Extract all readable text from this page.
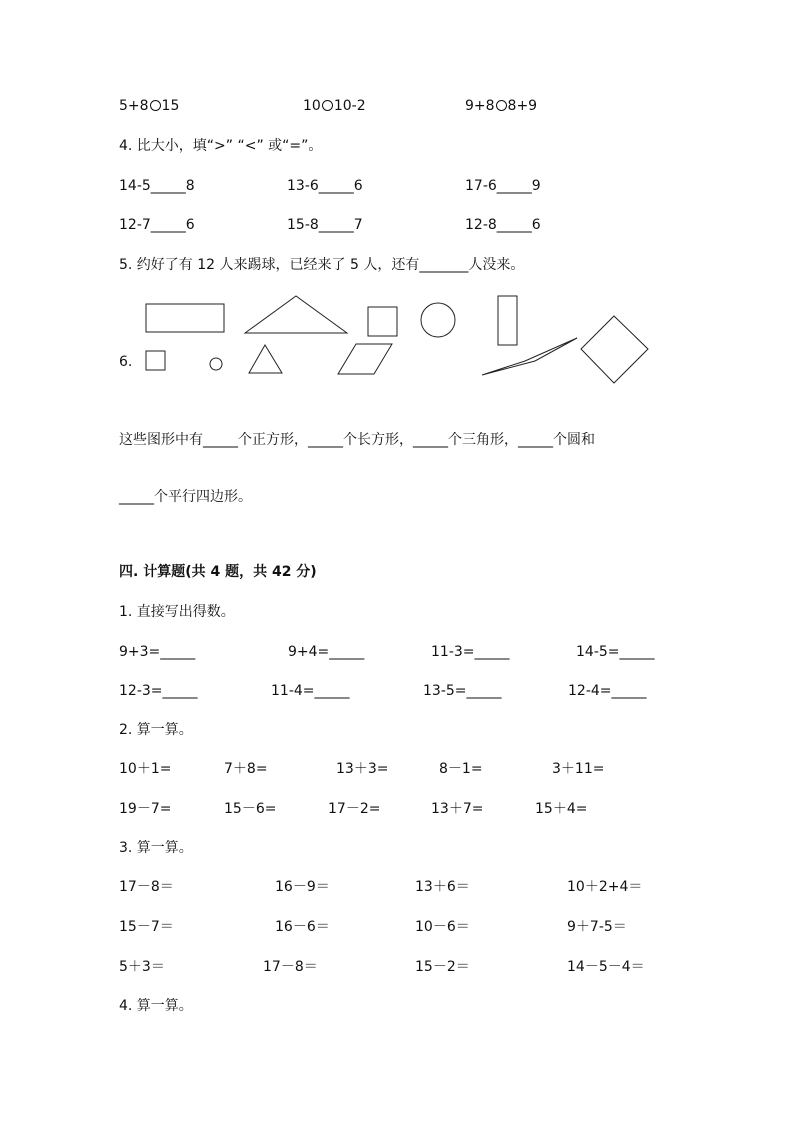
5+8 15	10 10-2	9+8 8+9
4. 比大小，填“>” “<” 或“=”。
14-5_____8	13-6_____6	17-6_____9
12-7_____6	15-8_____7	12-8_____6
5. 约好了有 12 人来踢球，已经来了 5 人，还有_______人没来。
6.
这些图形中有_____个正方形，_____个长方形，_____个三角形，_____个圆和
_____个平行四边形。
四. 计算题(共 4 题，共 42 分)
1. 直接写出得数。
9+3=_____	9+4=_____	11-3=_____	14-5=_____
12-3=_____	11-4=_____	13-5=_____	12-4=_____
2. 算一算。
10＋1=	7＋8=	13＋3=	8－1=	3＋11=
19－7=	15－6=	17－2=	13＋7=	15＋4=
3. 算一算。
17－8＝	16－9＝	13＋6＝	10＋2+4＝
15－7＝	16－6＝	10－6＝	9＋7-5＝
5＋3＝	17－8＝	15－2＝	14－5－4＝
4. 算一算。
